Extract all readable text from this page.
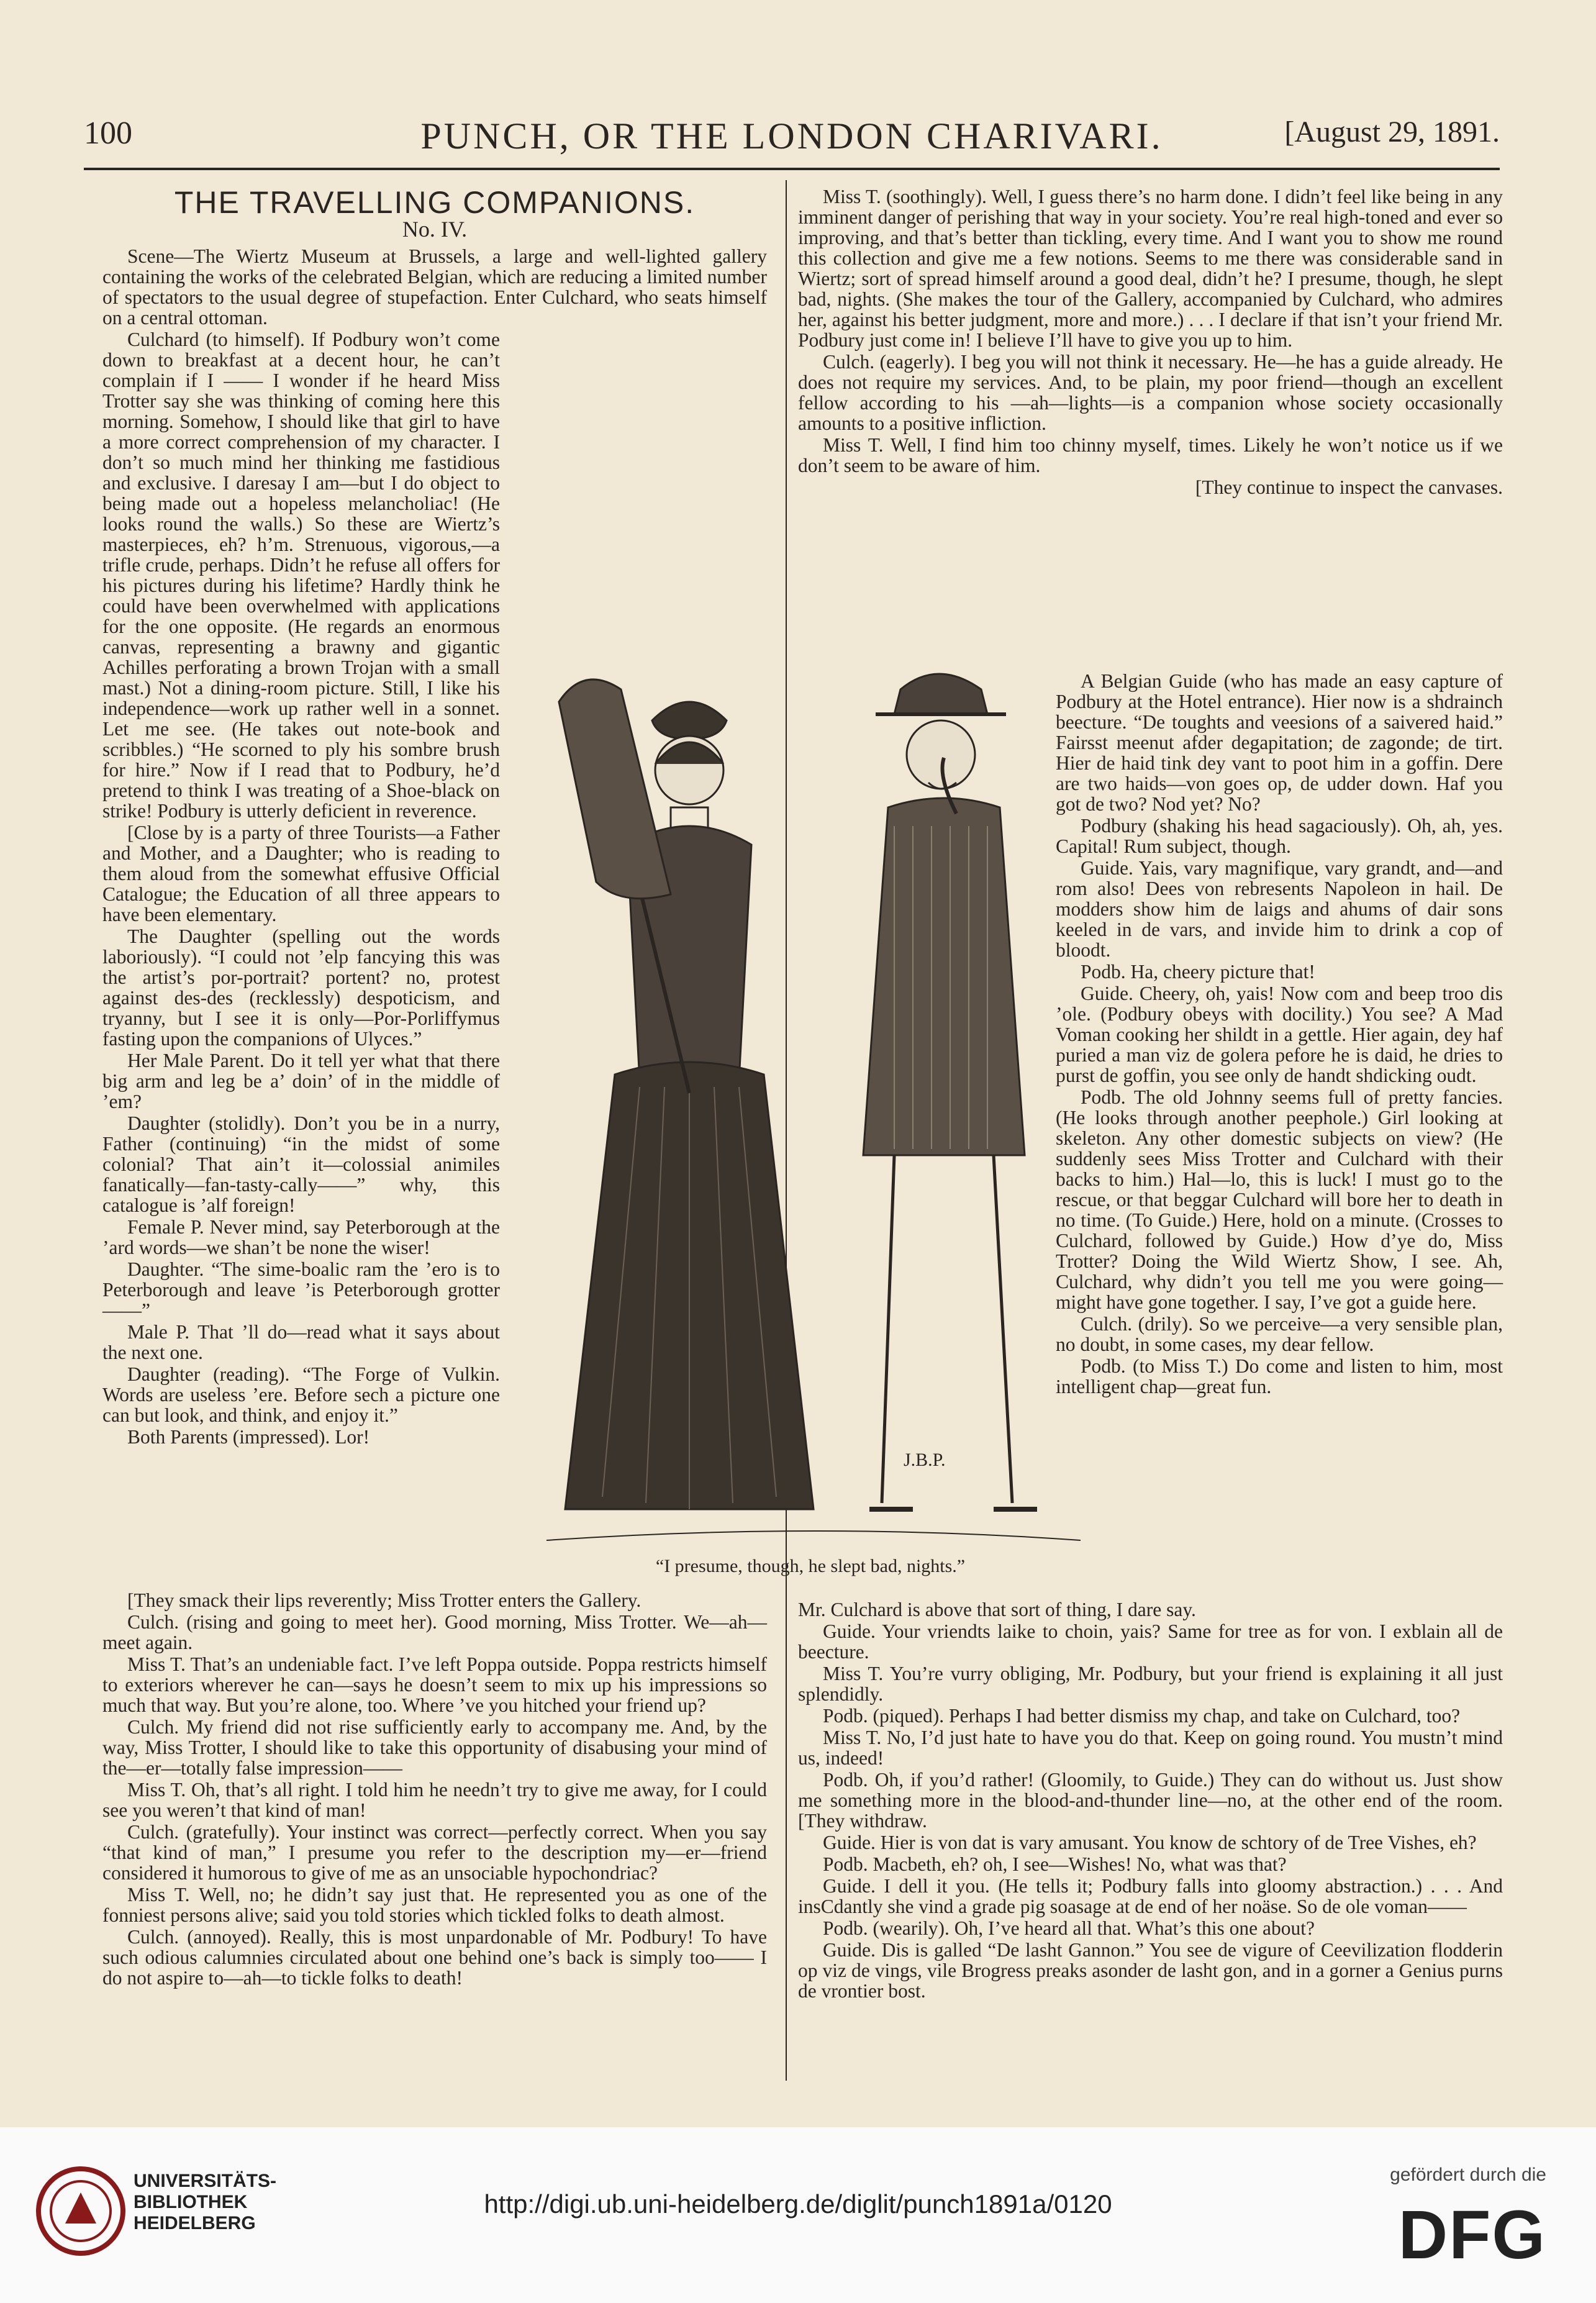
100	PUNCH, OR THE LONDON CHARIVARI.	[August 29, 1891.
THE TRAVELLING COMPANIONS.
No. IV.

Scene—The Wiertz Museum at Brussels, a large and well-lighted gallery containing the works of the celebrated Belgian, which are reducing a limited number of spectators to the usual degree of stupefaction. Enter Culchard, who seats himself on a central ottoman.

Culchard (to himself). If Podbury won’t come down to breakfast at a decent hour, he can’t complain if I —— I wonder if he heard Miss Trotter say she was thinking of coming here this morning. Somehow, I should like that girl to have a more correct comprehension of my character. I don’t so much mind her thinking me fastidious and exclusive. I daresay I am—but I do object to being made out a hopeless melancholiac! (He looks round the walls.) So these are Wiertz’s masterpieces, eh? h’m. Strenuous, vigorous,—a trifle crude, perhaps. Didn’t he refuse all offers for his pictures during his lifetime? Hardly think he could have been overwhelmed with applications for the one opposite. (He regards an enormous canvas, representing a brawny and gigantic Achilles perforating a brown Trojan with a small mast.) Not a dining-room picture. Still, I like his independence—work up rather well in a sonnet. Let me see. (He takes out note-book and scribbles.) “He scorned to ply his sombre brush for hire.” Now if I read that to Podbury, he’d pretend to think I was treating of a Shoe-black on strike! Podbury is utterly deficient in reverence.

[Close by is a party of three Tourists—a Father and Mother, and a Daughter; who is reading to them aloud from the somewhat effusive Official Catalogue; the Education of all three appears to have been elementary.

The Daughter (spelling out the words laboriously). “I could not ’elp fancying this was the artist’s por-portrait? portent? no, protest against des-des (recklessly) despoticism, and tryanny, but I see it is only—Por-Porliffymus fasting upon the companions of Ulyces.”

Her Male Parent. Do it tell yer what that there big arm and leg be a’ doin’ of in the middle of ’em?

Daughter (stolidly). Don’t you be in a nurry, Father (continuing) “in the midst of some colonial? That ain’t it—colossial animiles fanatically—fan-tasty-cally——” why, this catalogue is ’alf foreign!

Female P. Never mind, say Peterborough at the ’ard words—we shan’t be none the wiser!

Daughter. “The sime-boalic ram the ’ero is to Peterborough and leave ’is Peterborough grotter——”

Male P. That ’ll do—read what it says about the next one.

Daughter (reading). “The Forge of Vulkin. Words are useless ’ere. Before sech a picture one can but look, and think, and enjoy it.”

Both Parents (impressed). Lor!

[They smack their lips reverently; Miss Trotter enters the Gallery.

Culch. (rising and going to meet her). Good morning, Miss Trotter. We—ah—meet again.

Miss T. That’s an undeniable fact. I’ve left Poppa outside. Poppa restricts himself to exteriors wherever he can—says he doesn’t seem to mix up his impressions so much that way. But you’re alone, too. Where ’ve you hitched your friend up?

Culch. My friend did not rise sufficiently early to accompany me. And, by the way, Miss Trotter, I should like to take this opportunity of disabusing your mind of the—er—totally false impression——

Miss T. Oh, that’s all right. I told him he needn’t try to give me away, for I could see you weren’t that kind of man!

Culch. (gratefully). Your instinct was correct—perfectly correct. When you say “that kind of man,” I presume you refer to the description my—er—friend considered it humorous to give of me as an unsociable hypochondriac?

Miss T. Well, no; he didn’t say just that. He represented you as one of the fonniest persons alive; said you told stories which tickled folks to death almost.

Culch. (annoyed). Really, this is most unpardonable of Mr. Podbury! To have such odious calumnies circulated about one behind one’s back is simply too—— I do not aspire to—ah—to tickle folks to death!

Miss T. (soothingly). Well, I guess there’s no harm done. I didn’t feel like being in any imminent danger of perishing that way in your society. You’re real high-toned and ever so improving, and that’s better than tickling, every time. And I want you to show me round this collection and give me a few notions. Seems to me there was considerable sand in Wiertz; sort of spread himself around a good deal, didn’t he? I presume, though, he slept bad, nights. (She makes the tour of the Gallery, accompanied by Culchard, who admires her, against his better judgment, more and more.) . . . I declare if that isn’t your friend Mr. Podbury just come in! I believe I’ll have to give you up to him.

Culch. (eagerly). I beg you will not think it necessary. He—he has a guide already. He does not require my services. And, to be plain, my poor friend—though an excellent fellow according to his —ah—lights—is a companion whose society occasionally amounts to a positive infliction.

Miss T. Well, I find him too chinny myself, times. Likely he won’t notice us if we don’t seem to be aware of him.

[They continue to inspect the canvases.

A Belgian Guide (who has made an easy capture of Podbury at the Hotel entrance). Hier now is a shdrainch beecture. “De toughts and veesions of a saivered haid.” Fairsst meenut afder degapitation; de zagonde; de tirt. Hier de haid tink dey vant to poot him in a goffin. Dere are two haids—von goes op, de udder down. Haf you got de two? Nod yet? No?

Podbury (shaking his head sagaciously). Oh, ah, yes. Capital! Rum subject, though.

Guide. Yais, vary magnifique, vary grandt, and—and rom also! Dees von rebresents Napoleon in hail. De modders show him de laigs and ahums of dair sons keeled in de vars, and invide him to drink a cop of bloodt.

Podb. Ha, cheery picture that!

Guide. Cheery, oh, yais! Now com and beep troo dis ’ole. (Podbury obeys with docility.) You see? A Mad Voman cooking her shildt in a gettle. Hier again, dey haf puried a man viz de golera pefore he is daid, he dries to purst de goffin, you see only de handt shdicking oudt.

Podb. The old Johnny seems full of pretty fancies. (He looks through another peephole.) Girl looking at skeleton. Any other domestic subjects on view? (He suddenly sees Miss Trotter and Culchard with their backs to him.) Hal—lo, this is luck! I must go to the rescue, or that beggar Culchard will bore her to death in no time. (To Guide.) Here, hold on a minute. (Crosses to Culchard, followed by Guide.) How d’ye do, Miss Trotter? Doing the Wild Wiertz Show, I see. Ah, Culchard, why didn’t you tell me you were going—might have gone together. I say, I’ve got a guide here.

Culch. (drily). So we perceive—a very sensible plan, no doubt, in some cases, my dear fellow.

Podb. (to Miss T.) Do come and listen to him, most intelligent chap—great fun.

Mr. Culchard is above that sort of thing, I dare say.

Guide. Your vriendts laike to choin, yais? Same for tree as for von. I exblain all de beecture.

Miss T. You’re vurry obliging, Mr. Podbury, but your friend is explaining it all just splendidly.

Podb. (piqued). Perhaps I had better dismiss my chap, and take on Culchard, too?

Miss T. No, I’d just hate to have you do that. Keep on going round. You mustn’t mind us, indeed!

Podb. Oh, if you’d rather! (Gloomily, to Guide.) They can do without us. Just show me something more in the blood-and-thunder line—no, at the other end of the room. [They withdraw.

Guide. Hier is von dat is vary amusant. You know de schtory of de Tree Vishes, eh?

Podb. Macbeth, eh? oh, I see—Wishes! No, what was that?

Guide. I dell it you. (He tells it; Podbury falls into gloomy abstraction.) . . . And insCdantly she vind a grade pig soasage at de end of her noäse. So de ole voman——

Podb. (wearily). Oh, I’ve heard all that. What’s this one about?

Guide. Dis is galled “De lasht Gannon.” You see de vigure of Ceevilization flodderin op viz de vings, vile Brogress preaks asonder de lasht gon, and in a gorner a Genius purns de vrontier bost.

J.B.P.
“I presume, though, he slept bad, nights.”
UNIVERSITÄTS-
BIBLIOTHEK
HEIDELBERG
http://digi.ub.uni-heidelberg.de/diglit/punch1891a/0120
gefördert durch die
DFG
